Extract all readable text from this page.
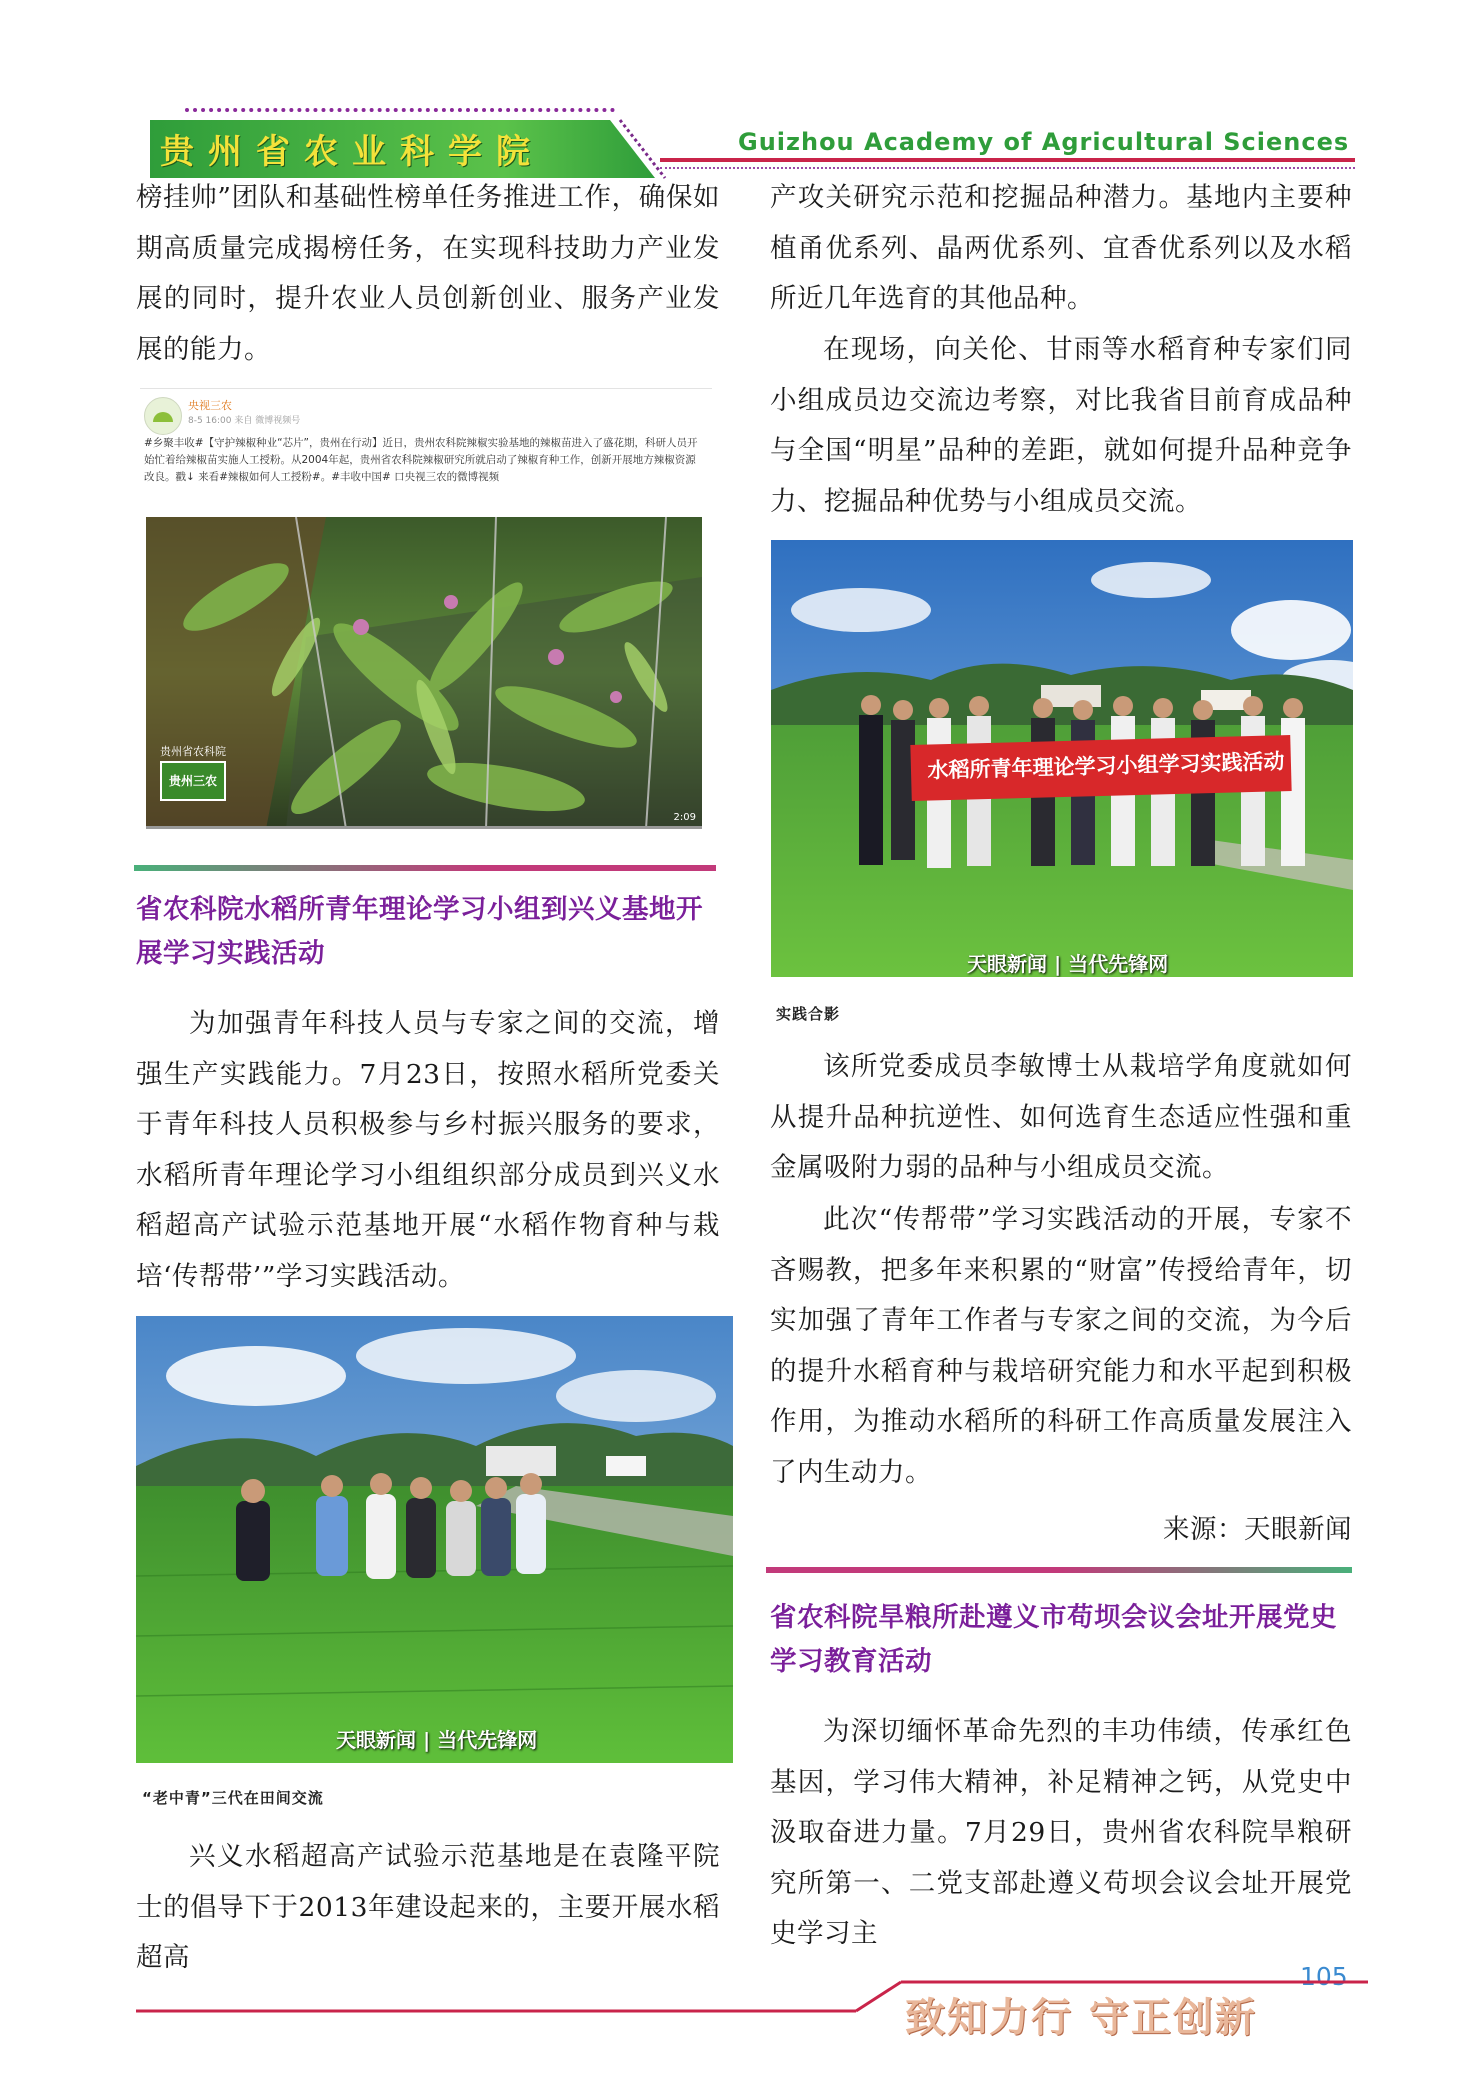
贵州省农业科学院	Guizhou Academy of Agricultural Sciences

榜挂帅”团队和基础性榜单任务推进工作，确保如期高质量完成揭榜任务，在实现科技助力产业发展的同时，提升农业人员创新创业、服务产业发展的能力。

央视三农
8-5 16:00 来自 微博视频号
#乡聚丰收#【守护辣椒种业“芯片”，贵州在行动】近日，贵州农科院辣椒实验基地的辣椒苗进入了盛花期，科研人员开始忙着给辣椒苗实施人工授粉。从2004年起，贵州省农科院辣椒研究所就启动了辣椒育种工作，创新开展地方辣椒资源改良。戳↓ 来看#辣椒如何人工授粉#。#丰收中国# 口央视三农的微博视频
贵州省农科院
贵州三农
2:09

省农科院水稻所青年理论学习小组到兴义基地开展学习实践活动

为加强青年科技人员与专家之间的交流，增强生产实践能力。7月23日，按照水稻所党委关于青年科技人员积极参与乡村振兴服务的要求，水稻所青年理论学习小组组织部分成员到兴义水稻超高产试验示范基地开展“水稻作物育种与栽培‘传帮带’”学习实践活动。

天眼新闻 | 当代先锋网
“老中青”三代在田间交流

兴义水稻超高产试验示范基地是在袁隆平院士的倡导下于2013年建设起来的，主要开展水稻超高

产攻关研究示范和挖掘品种潜力。基地内主要种植甬优系列、晶两优系列、宜香优系列以及水稻所近几年选育的其他品种。

在现场，向关伦、甘雨等水稻育种专家们同小组成员边交流边考察，对比我省目前育成品种与全国“明星”品种的差距，就如何提升品种竞争力、挖掘品种优势与小组成员交流。

水稻所青年理论学习小组学习实践活动
天眼新闻 | 当代先锋网
实践合影

该所党委成员李敏博士从栽培学角度就如何从提升品种抗逆性、如何选育生态适应性强和重金属吸附力弱的品种与小组成员交流。

此次“传帮带”学习实践活动的开展，专家不吝赐教，把多年来积累的“财富”传授给青年，切实加强了青年工作者与专家之间的交流，为今后的提升水稻育种与栽培研究能力和水平起到积极作用，为推动水稻所的科研工作高质量发展注入了内生动力。

来源：天眼新闻

省农科院旱粮所赴遵义市苟坝会议会址开展党史学习教育活动

为深切缅怀革命先烈的丰功伟绩，传承红色基因，学习伟大精神，补足精神之钙，从党史中汲取奋进力量。7月29日，贵州省农科院旱粮研究所第一、二党支部赴遵义苟坝会议会址开展党史学习主

105
致知力行 守正创新
